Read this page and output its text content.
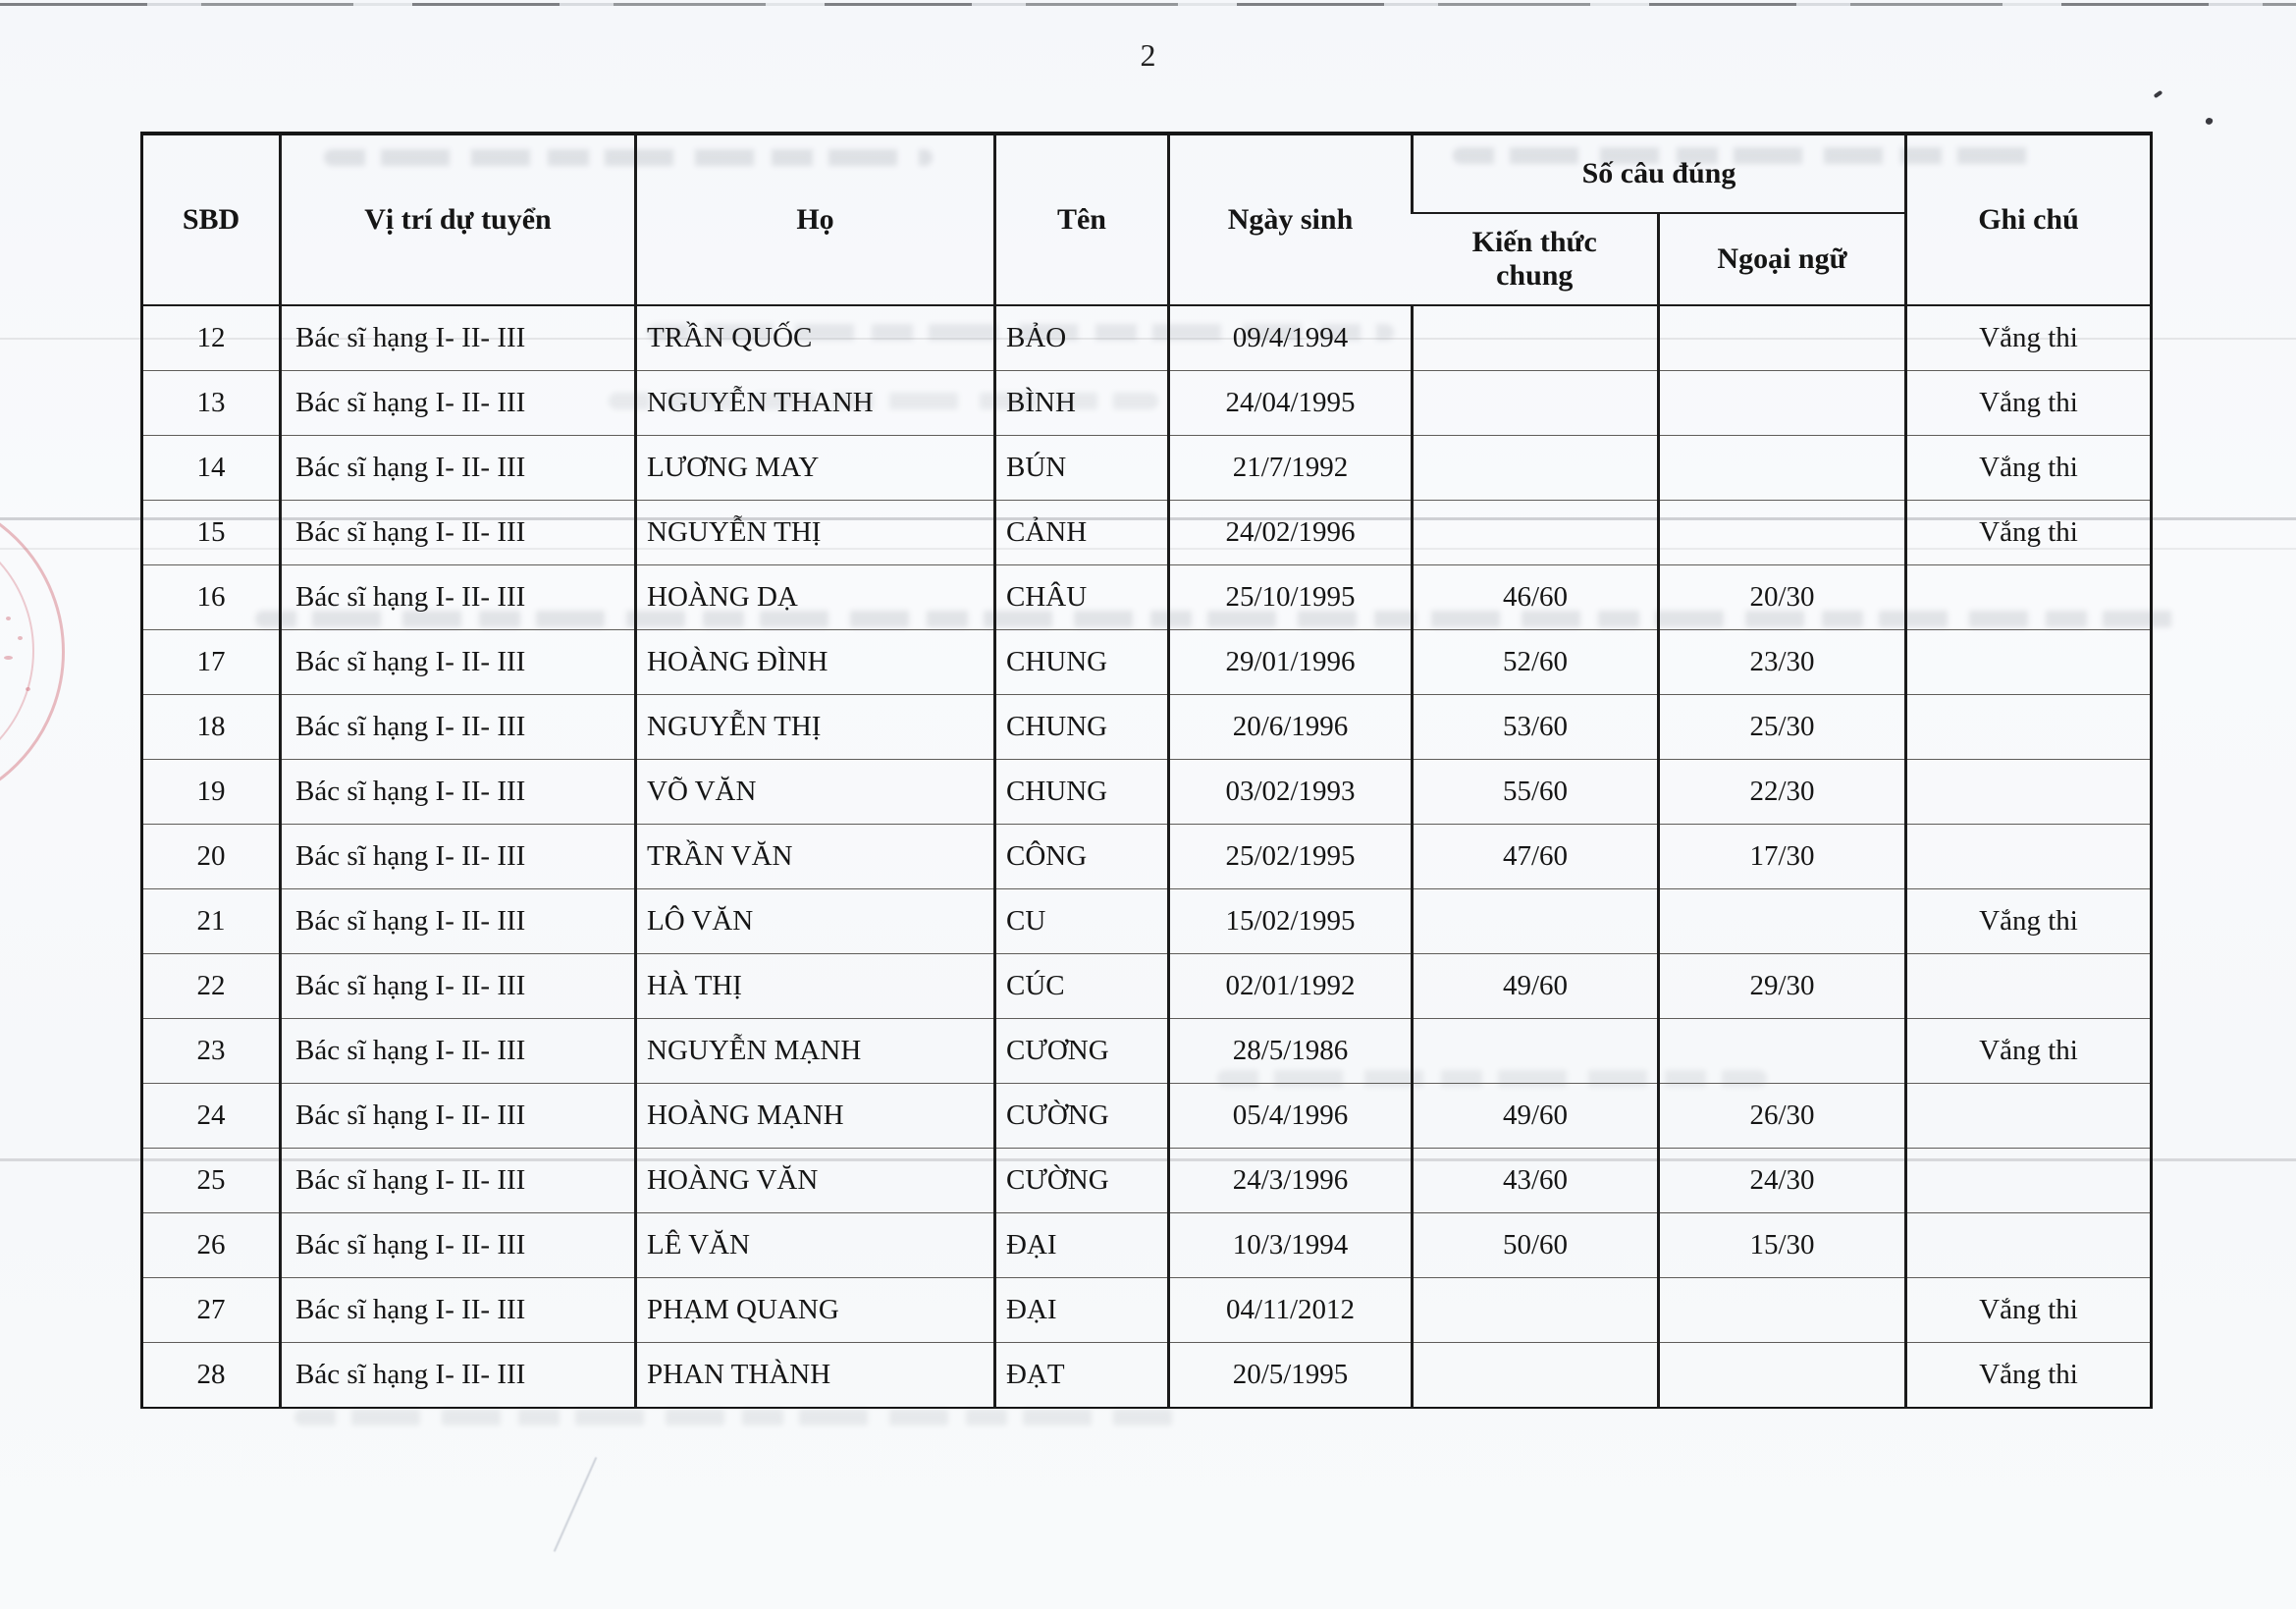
2
SBD	Vị trí dự tuyển	Họ	Tên	Ngày sinh	Số câu đúng		Ghi chú
					Kiến thức chung	Ngoại ngữ	
12	Bác sĩ hạng I- II- III	TRẦN QUỐC	BẢO	09/4/1994			Vắng thi
13	Bác sĩ hạng I- II- III	NGUYỄN THANH	BÌNH	24/04/1995			Vắng thi
14	Bác sĩ hạng I- II- III	LƯƠNG MAY	BÚN	21/7/1992			Vắng thi
15	Bác sĩ hạng I- II- III	NGUYỄN THỊ	CẢNH	24/02/1996			Vắng thi
16	Bác sĩ hạng I- II- III	HOÀNG DẠ	CHÂU	25/10/1995	46/60	20/30	
17	Bác sĩ hạng I- II- III	HOÀNG ĐÌNH	CHUNG	29/01/1996	52/60	23/30	
18	Bác sĩ hạng I- II- III	NGUYỄN THỊ	CHUNG	20/6/1996	53/60	25/30	
19	Bác sĩ hạng I- II- III	VÕ VĂN	CHUNG	03/02/1993	55/60	22/30	
20	Bác sĩ hạng I- II- III	TRẦN VĂN	CÔNG	25/02/1995	47/60	17/30	
21	Bác sĩ hạng I- II- III	LÔ VĂN	CU	15/02/1995			Vắng thi
22	Bác sĩ hạng I- II- III	HÀ THỊ	CÚC	02/01/1992	49/60	29/30	
23	Bác sĩ hạng I- II- III	NGUYỄN MẠNH	CƯƠNG	28/5/1986			Vắng thi
24	Bác sĩ hạng I- II- III	HOÀNG MẠNH	CƯỜNG	05/4/1996	49/60	26/30	
25	Bác sĩ hạng I- II- III	HOÀNG VĂN	CƯỜNG	24/3/1996	43/60	24/30	
26	Bác sĩ hạng I- II- III	LÊ VĂN	ĐẠI	10/3/1994	50/60	15/30	
27	Bác sĩ hạng I- II- III	PHẠM QUANG	ĐẠI	04/11/2012			Vắng thi
28	Bác sĩ hạng I- II- III	PHAN THÀNH	ĐẠT	20/5/1995			Vắng thi
